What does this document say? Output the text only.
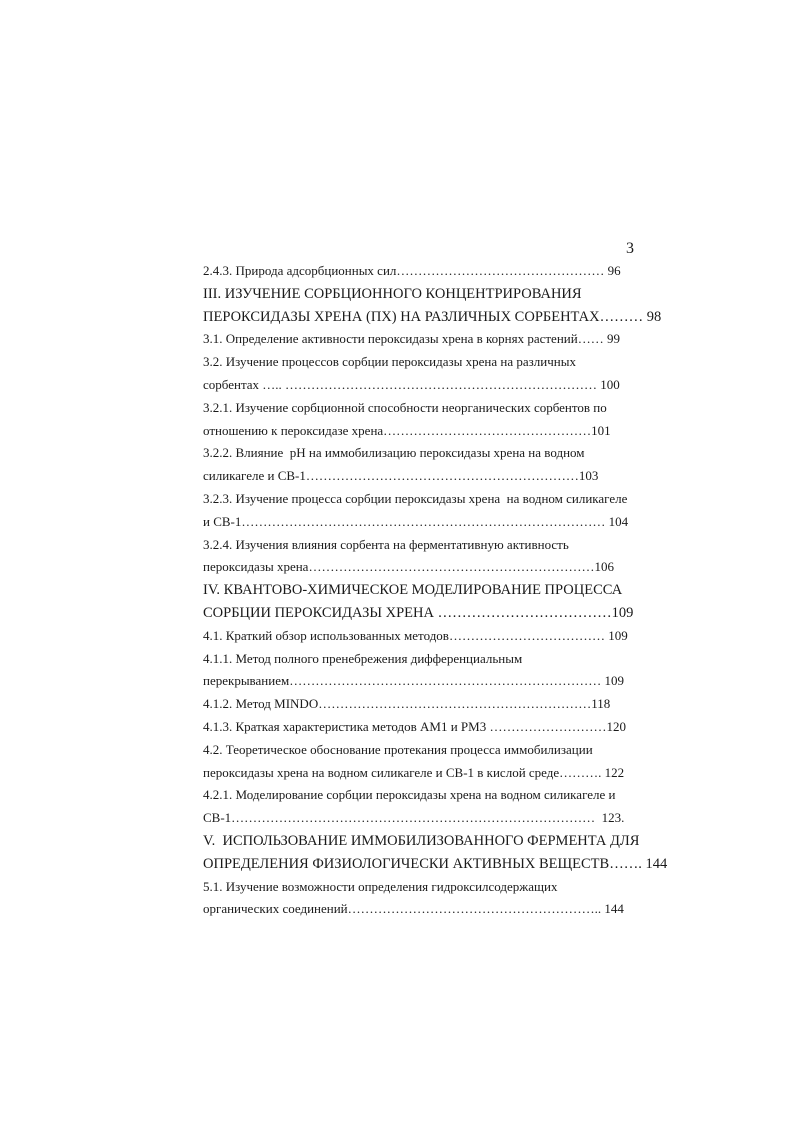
3
2.4.3. Природа адсорбционных сил………………………………………… 96
III. ИЗУЧЕНИЕ СОРБЦИОННОГО КОНЦЕНТРИРОВАНИЯ
ПЕРОКСИДАЗЫ ХРЕНА (ПХ) НА РАЗЛИЧНЫХ СОРБЕНТАХ……… 98
3.1. Определение активности пероксидазы хрена в корнях растений…… 99
3.2. Изучение процессов сорбции пероксидазы хрена на различных
сорбентах ….. ……………………………………………………………… 100
3.2.1. Изучение сорбционной способности неорганических сорбентов по
отношению к пероксидазе хрена…………………………………………101
3.2.2. Влияние  рН на иммобилизацию пероксидазы хрена на водном
силикагеле и СВ-1………………………………………………………103
3.2.3. Изучение процесса сорбции пероксидазы хрена  на водном силикагеле
и СВ-1………………………………………………………………………… 104
3.2.4. Изучения влияния сорбента на ферментативную активность
пероксидазы хрена…………………………………………………………106
IV. КВАНТОВО-ХИМИЧЕСКОЕ МОДЕЛИРОВАНИЕ ПРОЦЕССА
СОРБЦИИ ПЕРОКСИДАЗЫ ХРЕНА ………………………………109
4.1. Краткий обзор использованных методов……………………………… 109
4.1.1. Метод полного пренебрежения дифференциальным
перекрыванием……………………………………………………………… 109
4.1.2. Метод MINDO………………………………………………………118
4.1.3. Краткая характеристика методов АМ1 и РМ3 ………………………120
4.2. Теоретическое обоснование протекания процесса иммобилизации
пероксидазы хрена на водном силикагеле и СВ-1 в кислой среде………. 122
4.2.1. Моделирование сорбции пероксидазы хрена на водном силикагеле и
СВ-1…………………………………………………………………………  123.
V.  ИСПОЛЬЗОВАНИЕ ИММОБИЛИЗОВАННОГО ФЕРМЕНТА ДЛЯ
ОПРЕДЕЛЕНИЯ ФИЗИОЛОГИЧЕСКИ АКТИВНЫХ ВЕЩЕСТВ……. 144
5.1. Изучение возможности определения гидроксилсодержащих
органических соединений………………………………………………….. 144
